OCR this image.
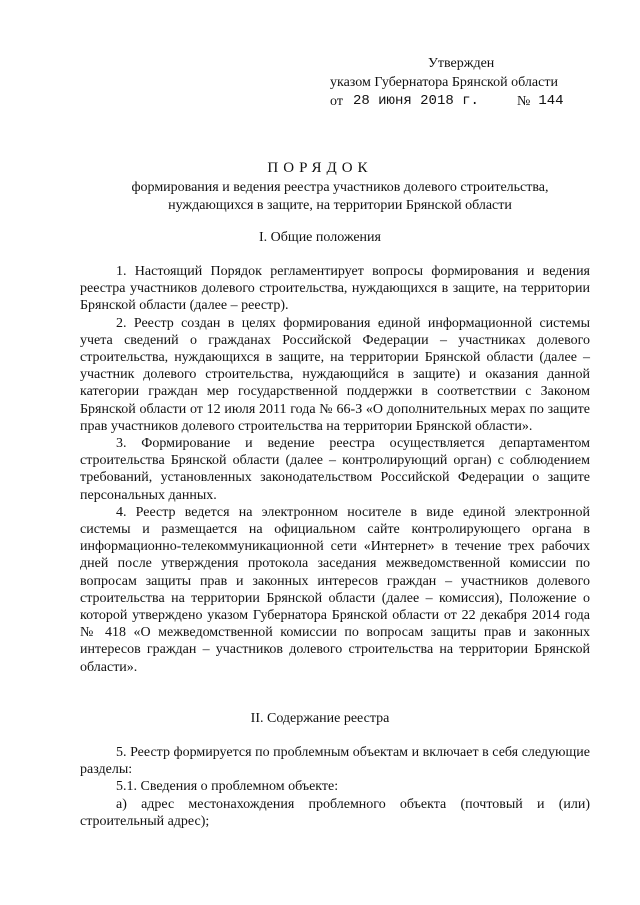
Утвержден
указом Губернатора Брянской области
от 28 июня 2018 г.	№ 144
ПОРЯДОК
формирования и ведения реестра участников долевого строительства,
нуждающихся в защите, на территории Брянской области
I. Общие положения

1. Настоящий Порядок регламентирует вопросы формирования и ведения реестра участников долевого строительства, нуждающихся в защите, на территории Брянской области (далее – реестр).

2. Реестр создан в целях формирования единой информационной системы учета сведений о гражданах Российской Федерации – участниках долевого строительства, нуждающихся в защите, на территории Брянской области (далее – участник долевого строительства, нуждающийся в защите) и оказания данной категории граждан мер государственной поддержки в соответствии с Законом Брянской области от 12 июля 2011 года № 66-З «О дополнительных мерах по защите прав участников долевого строительства на территории Брянской области».

3. Формирование и ведение реестра осуществляется департаментом строительства Брянской области (далее – контролирующий орган) с соблюдением требований, установленных законодательством Российской Федерации о защите персональных данных.

4. Реестр ведется на электронном носителе в виде единой электронной системы и размещается на официальном сайте контролирующего органа в информационно-телекоммуникационной сети «Интернет» в течение трех рабочих дней после утверждения протокола заседания межведомственной комиссии по вопросам защиты прав и законных интересов граждан – участников долевого строительства на территории Брянской области (далее – комиссия), Положение о которой утверждено указом Губернатора Брянской области от 22 декабря 2014 года № 418 «О межведомственной комиссии по вопросам защиты прав и законных интересов граждан – участников долевого строительства на территории Брянской области».

II. Содержание реестра

5. Реестр формируется по проблемным объектам и включает в себя следующие разделы:

5.1. Сведения о проблемном объекте:

а) адрес местонахождения проблемного объекта (почтовый и (или) строительный адрес);
